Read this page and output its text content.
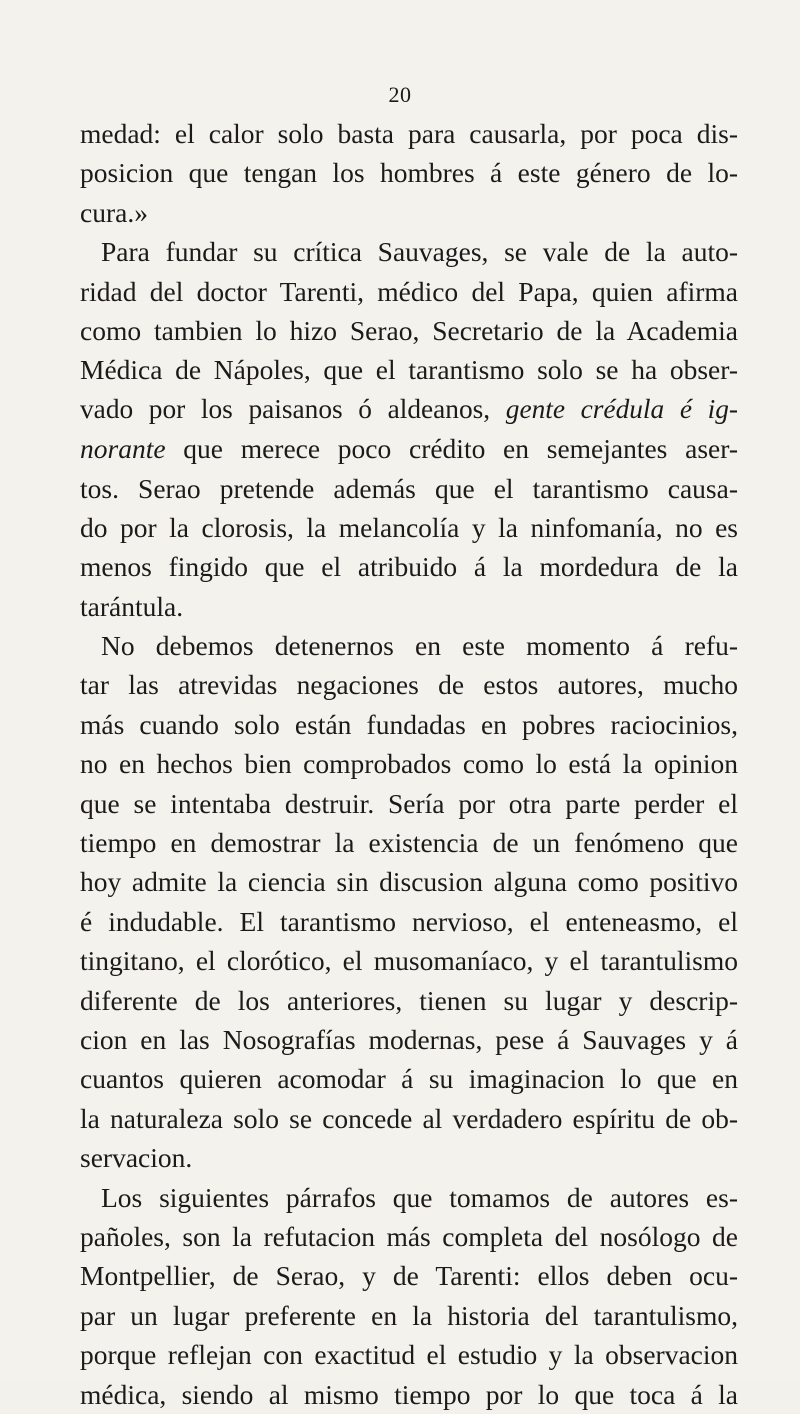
20
medad: el calor solo basta para causarla, por poca dis-
posicion que tengan los hombres á este género de lo-
cura.»
Para fundar su crítica Sauvages, se vale de la auto-
ridad del doctor Tarenti, médico del Papa, quien afirma
como tambien lo hizo Serao, Secretario de la Academia
Médica de Nápoles, que el tarantismo solo se ha obser-
vado por los paisanos ó aldeanos, gente crédula é ig-
norante que merece poco crédito en semejantes aser-
tos. Serao pretende además que el tarantismo causa-
do por la clorosis, la melancolía y la ninfomanía, no es
menos fingido que el atribuido á la mordedura de la
tarántula.
No debemos detenernos en este momento á refu-
tar las atrevidas negaciones de estos autores, mucho
más cuando solo están fundadas en pobres raciocinios,
no en hechos bien comprobados como lo está la opinion
que se intentaba destruir. Sería por otra parte perder el
tiempo en demostrar la existencia de un fenómeno que
hoy admite la ciencia sin discusion alguna como positivo
é indudable. El tarantismo nervioso, el enteneasmo, el
tingitano, el clorótico, el musomaníaco, y el tarantulismo
diferente de los anteriores, tienen su lugar y descrip-
cion en las Nosografías modernas, pese á Sauvages y á
cuantos quieren acomodar á su imaginacion lo que en
la naturaleza solo se concede al verdadero espíritu de ob-
servacion.
Los siguientes párrafos que tomamos de autores es-
pañoles, son la refutacion más completa del nosólogo de
Montpellier, de Serao, y de Tarenti: ellos deben ocu-
par un lugar preferente en la historia del tarantulismo,
porque reflejan con exactitud el estudio y la observacion
médica, siendo al mismo tiempo por lo que toca á la
